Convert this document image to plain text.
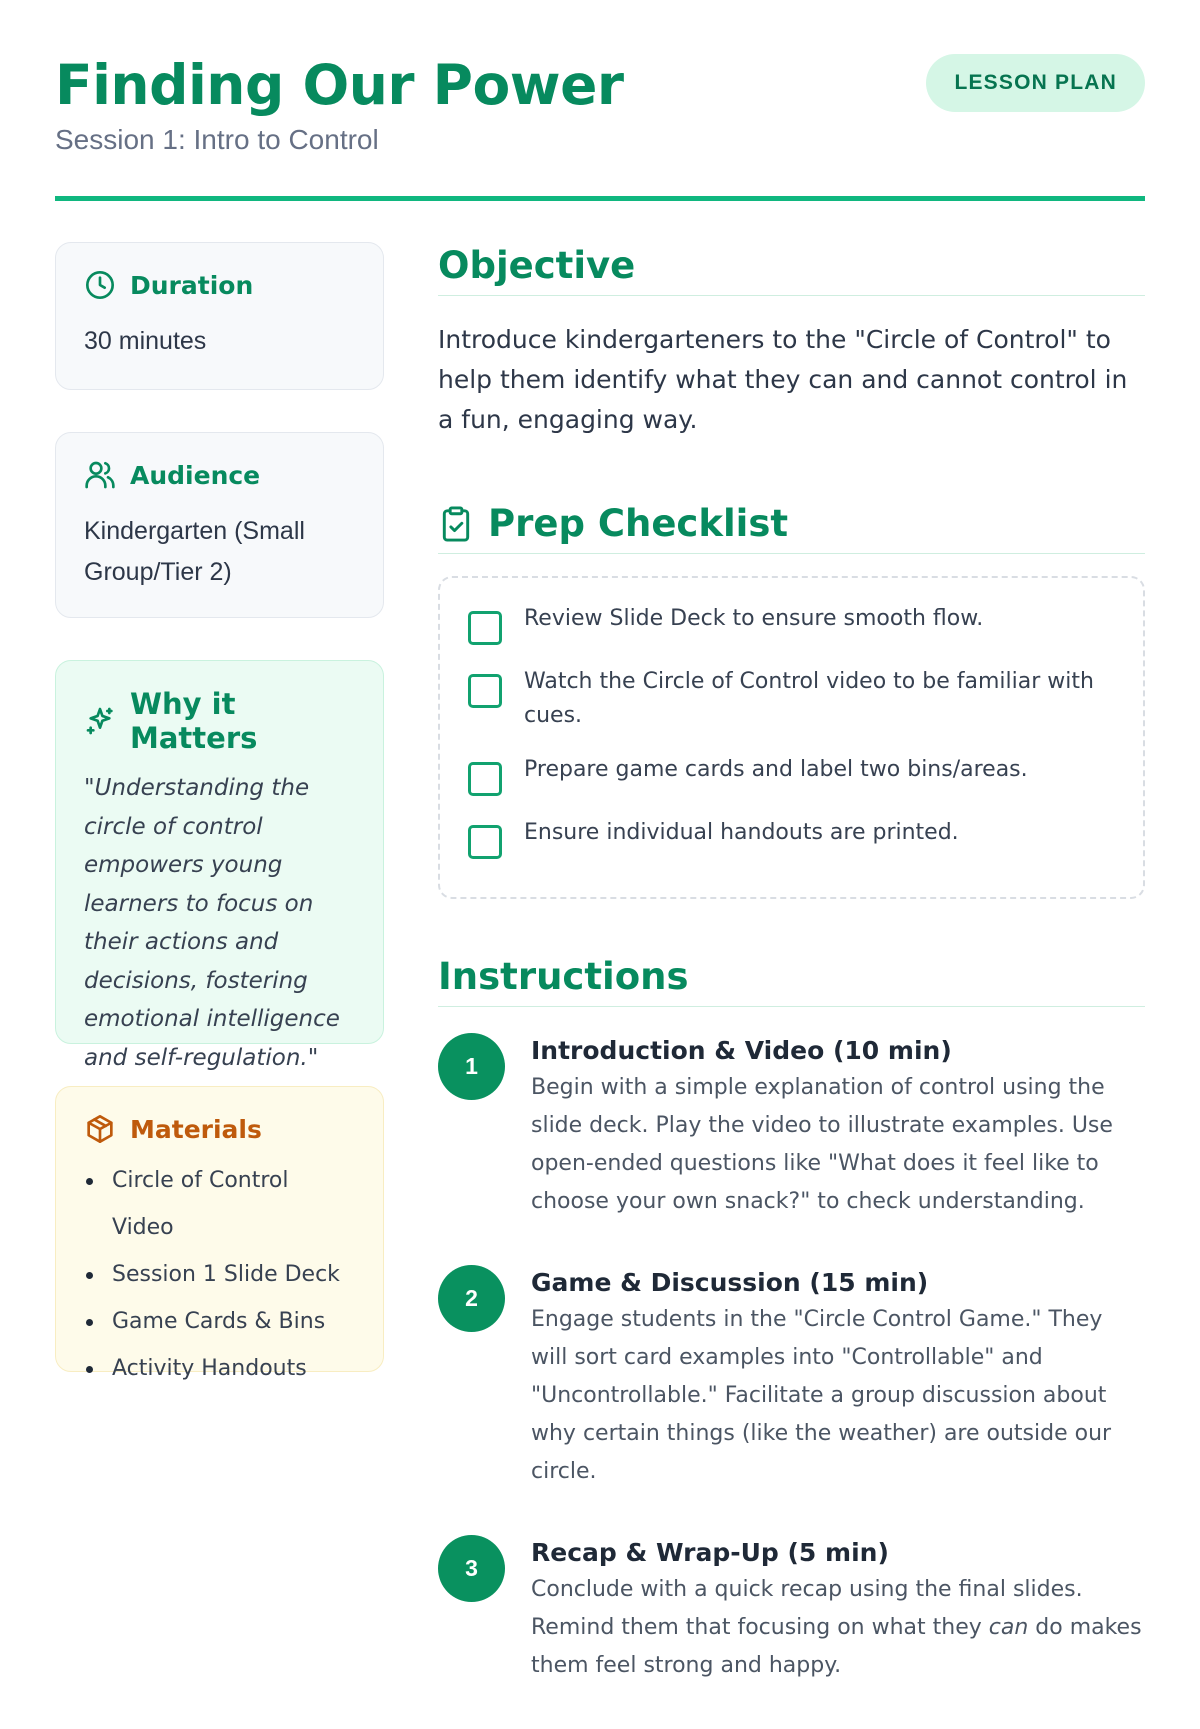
Finding Our Power
Session 1: Intro to Control
LESSON PLAN
Duration
30 minutes
Audience
Kindergarten (Small Group/Tier 2)
Why it Matters
"Understanding the circle of control empowers young learners to focus on their actions and decisions, fostering emotional intelligence and self-regulation."
Materials
Circle of Control Video
Session 1 Slide Deck
Game Cards & Bins
Activity Handouts
Objective

Introduce kindergarteners to the "Circle of Control" to help them identify what they can and cannot control in a fun, engaging way.

Prep Checklist
Review Slide Deck to ensure smooth flow.
Watch the Circle of Control video to be familiar with cues.
Prepare game cards and label two bins/areas.
Ensure individual handouts are printed.
Instructions
1
Introduction & Video (10 min)
Begin with a simple explanation of control using the slide deck. Play the video to illustrate examples. Use open-ended questions like "What does it feel like to choose your own snack?" to check understanding.
2
Game & Discussion (15 min)
Engage students in the "Circle Control Game." They will sort card examples into "Controllable" and "Uncontrollable." Facilitate a group discussion about why certain things (like the weather) are outside our circle.
3
Recap & Wrap-Up (5 min)
Conclude with a quick recap using the final slides. Remind them that focusing on what they can do makes them feel strong and happy.
